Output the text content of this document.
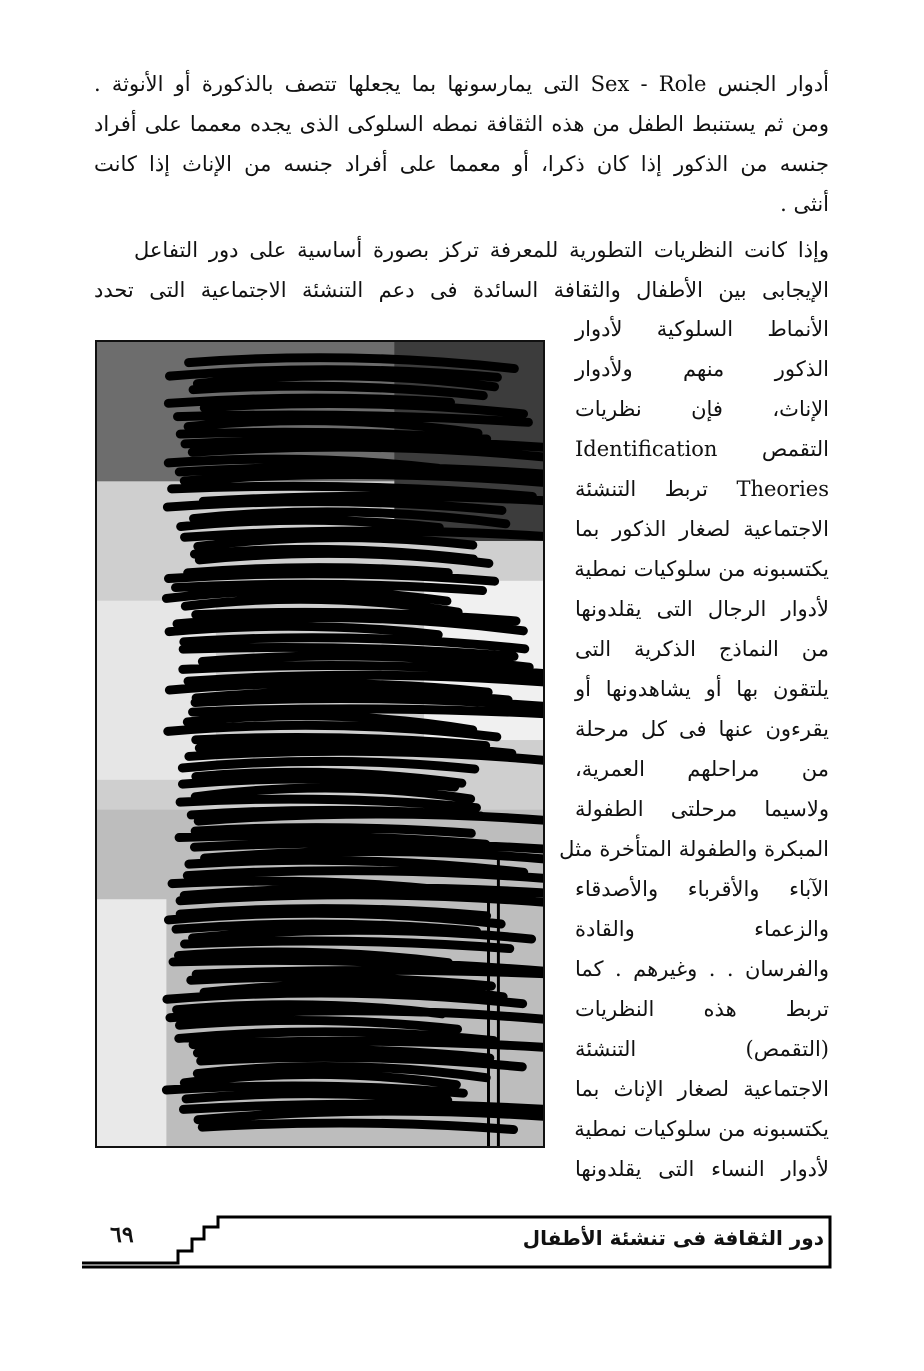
أدوار الجنس Sex - Role التى يمارسونها بما يجعلها تتصف بالذكورة أو الأنوثة .
ومن ثم يستنبط الطفل من هذه الثقافة نمطه السلوكى الذى يجده معمما على أفراد
جنسه من الذكور إذا كان ذكرا، أو معمما على أفراد جنسه من الإناث إذا كانت
أنثى .
وإذا كانت النظريات التطورية للمعرفة تركز بصورة أساسية على دور التفاعل
الإيجابى بين الأطفال والثقافة السائدة فى دعم التنشئة الاجتماعية التى تحدد
الأنماط السلوكية لأدوار
الذكور منهم ولأدوار
الإناث، فإن نظريات
التقمص Identification
Theories تربط التنشئة
الاجتماعية لصغار الذكور بما
يكتسبونه من سلوكيات نمطية
لأدوار الرجال التى يقلدونها
من النماذج الذكرية التى
يلتقون بها أو يشاهدونها أو
يقرءون عنها فى كل مرحلة
من مراحلهم العمرية،
ولاسيما مرحلتى الطفولة
المبكرة والطفولة المتأخرة مثل
الآباء والأقرباء والأصدقاء
والزعماء والقادة
والفرسان . . وغيرهم . كما
تربط هذه النظريات
(التقمص) التنشئة
الاجتماعية لصغار الإناث بما
يكتسبونه من سلوكيات نمطية
لأدوار النساء التى يقلدونها
٦٩	دور الثقافة فى تنشئة الأطفال
